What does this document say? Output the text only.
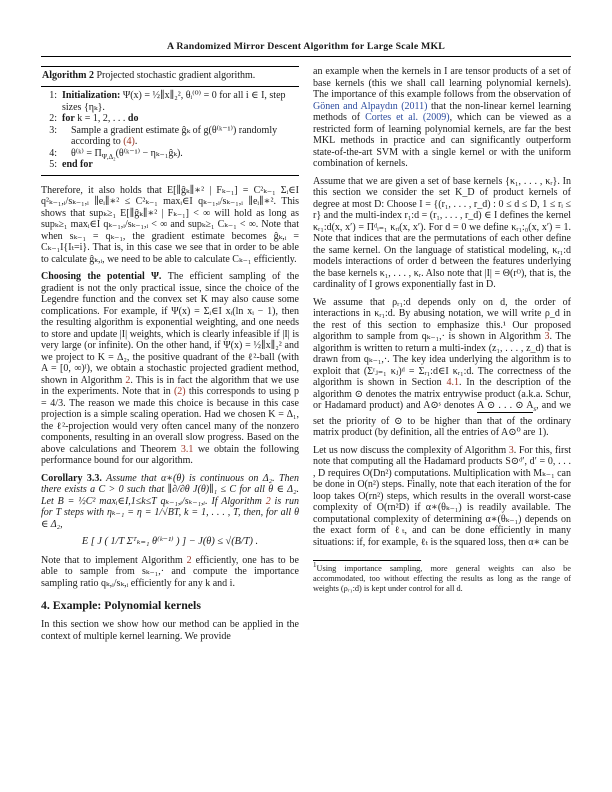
A Randomized Mirror Descent Algorithm for Large Scale MKL
Algorithm 2 Projected stochastic gradient algorithm.
1: Initialization: Ψ(x) = ½∥x∥₂², θᵢ⁽⁰⁾ = 0 for all i ∈ I, step sizes {ηₖ}.
2: for k = 1, 2, . . . do
3:	Sample a gradient estimate ĝₖ of g(θ⁽ᵏ⁻¹⁾) randomly according to (4).
4:	θ⁽ᵏ⁾ = $\Pi_{\Psi,\Delta_2}(\theta^(ᵏ^{-1)}$ − ηₖ₋₁ĝₖ).
5: end for

Therefore, it also holds that E[∥ĝₖ∥∗² | Fₖ₋₁] = C²ₖ₋₁ Σᵢ∈I q²ₖ₋₁,ᵢ/sₖ₋₁,ᵢ ∥eᵢ∥∗² ≤ C²ₖ₋₁ maxᵢ∈I qₖ₋₁,ᵢ/sₖ₋₁,ᵢ ∥eᵢ∥∗². This shows that supₖ≥₁ E[∥ĝₖ∥∗² | Fₖ₋₁] < ∞ will hold as long as supₖ≥₁ maxᵢ∈I qₖ₋₁,ᵢ/sₖ₋₁,ᵢ < ∞ and supₖ≥₁ Cₖ₋₁ < ∞. Note that when sₖ₋₁ = qₖ₋₁, the gradient estimate becomes ĝₖ,ᵢ = Cₖ₋₁I{Iₜ=i}. That is, in this case we see that in order to be able to calculate ĝₖ,ᵢ, we need to be able to calculate Cₖ₋₁ efficiently.

Choosing the potential Ψ. The efficient sampling of the gradient is not the only practical issue, since the choice of the Legendre function and the convex set K may also cause some complications. For example, if Ψ(x) = Σᵢ∈I xᵢ(ln xᵢ − 1), then the resulting algorithm is exponential weighting, and one needs to store and update |I| weights, which is clearly infeasible if |I| is very large (or infinite). On the other hand, if Ψ(x) = ½∥x∥₂² and we project to K = Δ₂, the positive quadrant of the ℓ²-ball (with A = [0, ∞)ᴵ), we obtain a stochastic projected gradient method, shown in Algorithm 2. This is in fact the algorithm that we use in the experiments. Note that in (2) this corresponds to using p = 4/3. The reason we made this choice is because in this case projection is a simple scaling operation. Had we chosen K = Δ₁, the ℓ²-projection would very often cancel many of the nonzero components, resulting in an overall slow progress. Based on the above calculations and Theorem 3.1 we obtain the following performance bound for our algorithm.

Corollary 3.3. Assume that α∗(θ) is continuous on Δ₂. Then there exists a C > 0 such that ∥∂/∂θ J(θ)∥₁ ≤ C for all θ ∈ Δ₂. Let B = ½C² maxᵢ∈I,1≤k≤T qₖ₋₁,ᵢ/sₖ₋₁,ᵢ. If Algorithm 2 is run for T steps with ηₖ₋₁ = η = 1/√BT, k = 1, . . . , T, then, for all θ ∈ Δ₂,

E [ J ( 1/T Σᵀₖ₌₁ θ⁽ᵏ⁻¹⁾ ) ] − J(θ) ≤ √(B/T) .

Note that to implement Algorithm 2 efficiently, one has to be able to sample from sₖ₋₁,· and compute the importance sampling ratio qₖ,ᵢ/sₖ,ᵢ efficiently for any k and i.

4. Example: Polynomial kernels

In this section we show how our method can be applied in the context of multiple kernel learning. We provide

an example when the kernels in I are tensor products of a set of base kernels (this we shall call learning polynomial kernels). The importance of this example follows from the observation of Gönen and Alpaydın (2011) that the non-linear kernel learning methods of Cortes et al. (2009), which can be viewed as a restricted form of learning polynomial kernels, are far the best MKL methods in practice and can significantly outperform state-of-the-art SVM with a single kernel or with the uniform combination of kernels.

Assume that we are given a set of base kernels {κ₁, . . . , κᵣ}. In this section we consider the set K_D of product kernels of degree at most D: Choose I = {(r₁, . . . , r_d) : 0 ≤ d ≤ D, 1 ≤ rᵢ ≤ r} and the multi-index r₁:d = (r₁, . . . , r_d) ∈ I defines the kernel κᵣ₁:d(x, x′) = Πᵈᵢ₌₁ κᵣᵢ(x, x′). For d = 0 we define κᵣ₁:₀(x, x′) = 1. Note that indices that are the permutations of each other define the same kernel. On the language of statistical modeling, κᵣ₁:d models interactions of order d between the features underlying the base kernels κ₁, . . . , κᵣ. Also note that |I| = Θ(rᴰ), that is, the cardinality of I grows exponentially fast in D.

We assume that ρᵣ₁:d depends only on d, the order of interactions in κᵣ₁:d. By abusing notation, we will write ρ_d in the rest of this section to emphasize this.¹ Our proposed algorithm to sample from qₖ₋₁,· is shown in Algorithm 3. The algorithm is written to return a multi-index (z₁, . . . , z_d) that is drawn from qₖ₋₁,·. The key idea underlying the algorithm is to exploit that (Σʳⱼ₌₁ κⱼ)ᵈ = Σᵣ₁:d∈I κᵣ₁:d. The correctness of the algorithm is shown in Section 4.1. In the description of the algorithm ⊙ denotes the matrix entrywise product (a.k.a. Schur, or Hadamard product) and A⊙ˢ denotes A ⊙ . . . ⊙ $A_s$, and we set the priority of ⊙ to be higher than that of the ordinary matrix product (by definition, all the entries of A⊙⁰ are 1).

Let us now discuss the complexity of Algorithm 3. For this, first note that computing all the Hadamard products S⊙ᵈ′, d′ = 0, . . . , D requires O(Dn²) computations. Multiplication with Mₖ₋₁ can be done in O(n²) steps. Finally, note that each iteration of the for loop takes O(rn²) steps, which results in the overall worst-case complexity of O(rn²D) if α∗(θₖ₋₁) is readily available. The computational complexity of determining α∗(θₖ₋₁) depends on the exact form of ℓₜ, and can be done efficiently in many situations: if, for example, ℓₜ is the squared loss, then α∗ can be

$^1$Using importance sampling, more general weights can also be accommodated, too without effecting the results as long as the range of weights (ρᵣ₁:d) is kept under control for all d.
